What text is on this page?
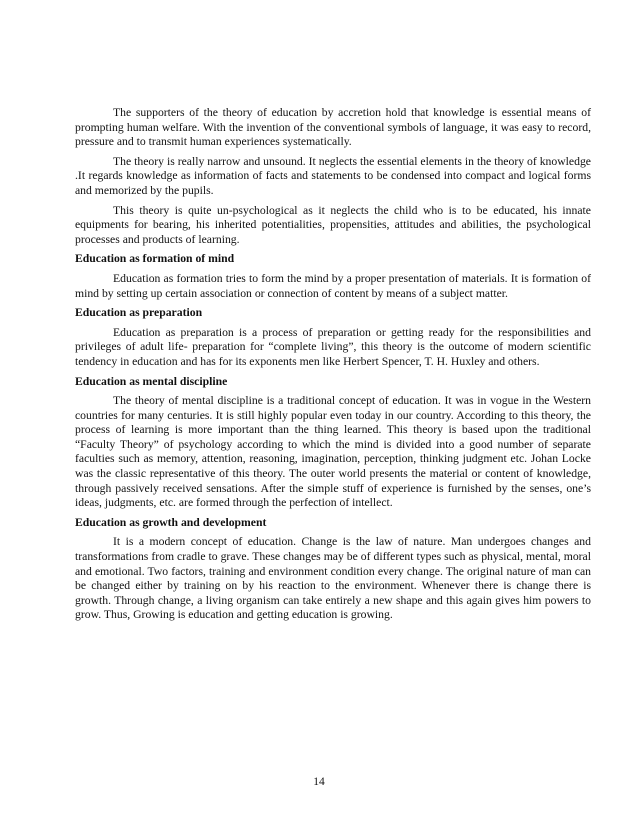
The supporters of the theory of education by accretion hold that knowledge is essential means of prompting human welfare. With the invention of the conventional symbols of language, it was easy to record, pressure and to transmit human experiences systematically.

The theory is really narrow and unsound. It neglects the essential elements in the theory of knowledge .It regards knowledge as information of facts and statements to be condensed into compact and logical forms and memorized by the pupils.

This theory is quite un-psychological as it neglects the child who is to be educated, his innate equipments for bearing, his inherited potentialities, propensities, attitudes and abilities, the psychological processes and products of learning.

Education as formation of mind

Education as formation tries to form the mind by a proper presentation of materials. It is formation of mind by setting up certain association or connection of content by means of a subject matter.

Education as preparation

Education as preparation is a process of preparation or getting ready for the responsibilities and privileges of adult life- preparation for “complete living”, this theory is the outcome of modern scientific tendency in education and has for its exponents men like Herbert Spencer, T. H. Huxley and others.

Education as mental discipline

The theory of mental discipline is a traditional concept of education. It was in vogue in the Western countries for many centuries. It is still highly popular even today in our country. According to this theory, the process of learning is more important than the thing learned. This theory is based upon the traditional “Faculty Theory” of psychology according to which the mind is divided into a good number of separate faculties such as memory, attention, reasoning, imagination, perception, thinking judgment etc. Johan Locke was the classic representative of this theory. The outer world presents the material or content of knowledge, through passively received sensations. After the simple stuff of experience is furnished by the senses, one’s ideas, judgments, etc. are formed through the perfection of intellect.

Education as growth and development

It is a modern concept of education. Change is the law of nature. Man undergoes changes and transformations from cradle to grave. These changes may be of different types such as physical, mental, moral and emotional. Two factors, training and environment condition every change. The original nature of man can be changed either by training on by his reaction to the environment. Whenever there is change there is growth. Through change, a living organism can take entirely a new shape and this again gives him powers to grow. Thus, Growing is education and getting education is growing.

14
